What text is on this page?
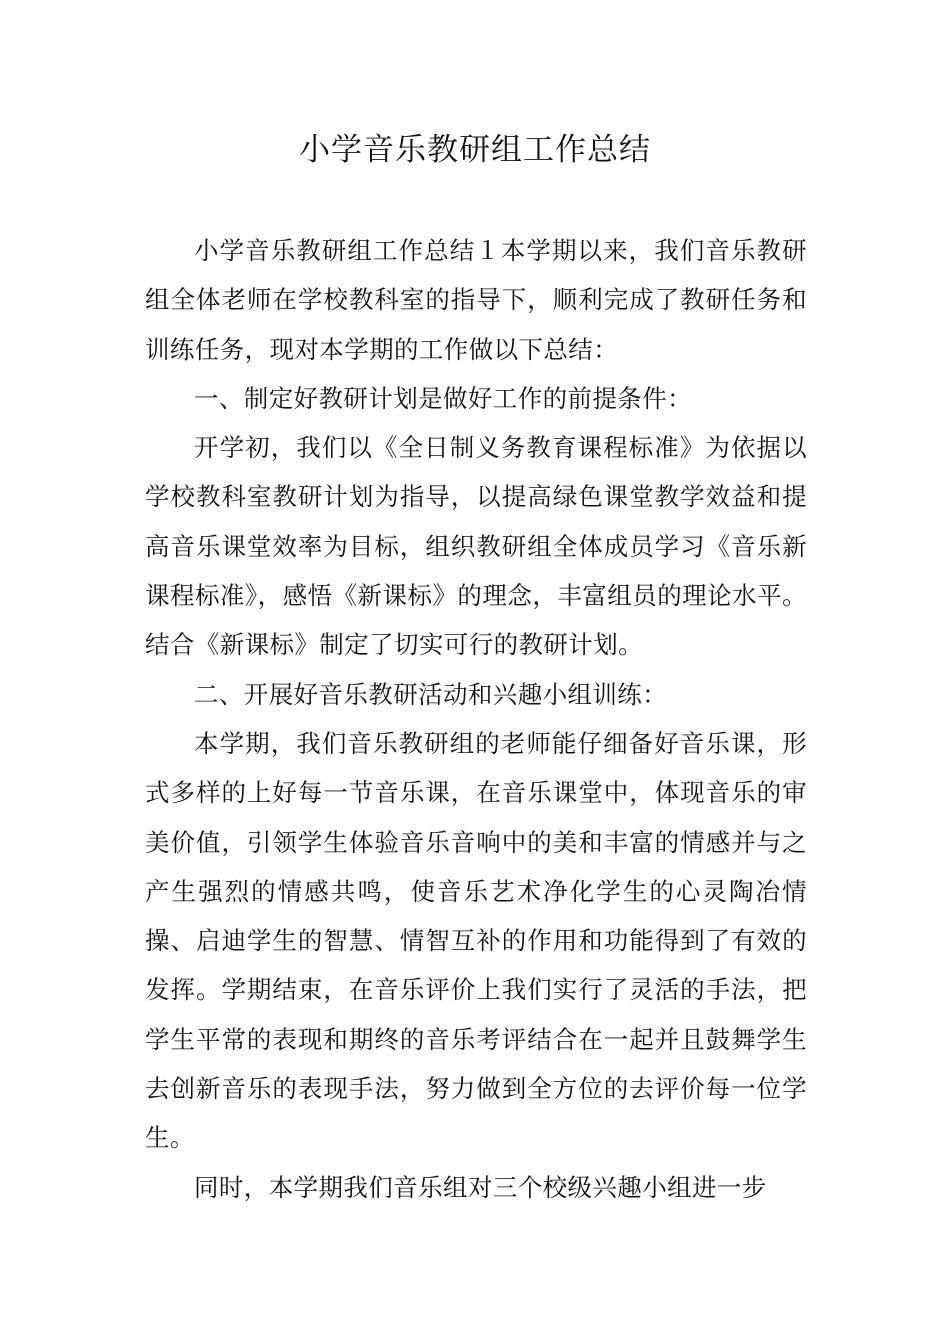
小学音乐教研组工作总结

小学音乐教研组工作总结１本学期以来，我们音乐教研组全体老师在学校教科室的指导下，顺利完成了教研任务和训练任务，现对本学期的工作做以下总结：

一、制定好教研计划是做好工作的前提条件：

开学初，我们以《全日制义务教育课程标准》为依据以学校教科室教研计划为指导，以提高绿色课堂教学效益和提高音乐课堂效率为目标，组织教研组全体成员学习《音乐新课程标准》，感悟《新课标》的理念，丰富组员的理论水平。结合《新课标》制定了切实可行的教研计划。

二、开展好音乐教研活动和兴趣小组训练：

本学期，我们音乐教研组的老师能仔细备好音乐课，形式多样的上好每一节音乐课，在音乐课堂中，体现音乐的审美价值，引领学生体验音乐音响中的美和丰富的情感并与之产生强烈的情感共鸣，使音乐艺术净化学生的心灵陶冶情操、启迪学生的智慧、情智互补的作用和功能得到了有效的发挥。学期结束，在音乐评价上我们实行了灵活的手法，把学生平常的表现和期终的音乐考评结合在一起并且鼓舞学生去创新音乐的表现手法，努力做到全方位的去评价每一位学生。

同时，本学期我们音乐组对三个校级兴趣小组进一步
